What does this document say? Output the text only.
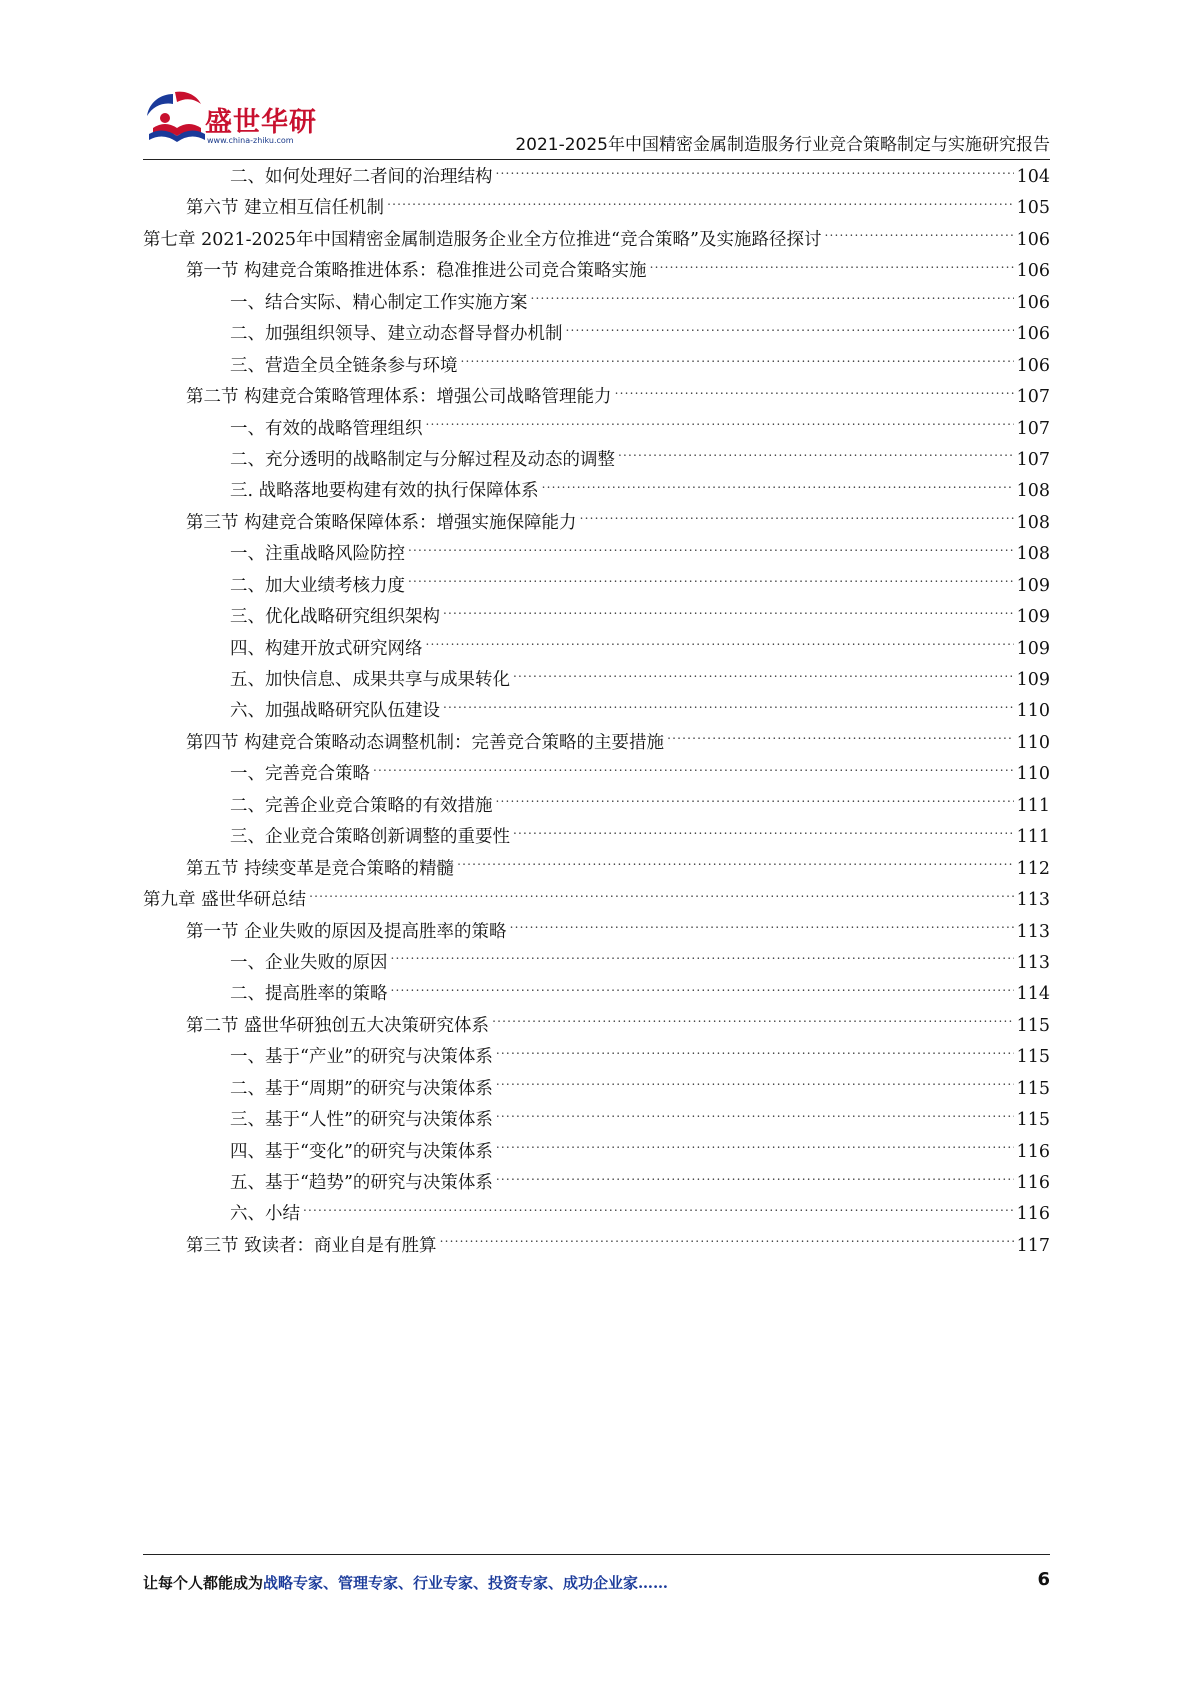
盛世华研
www.china-zhiku.com	2021-2025年中国精密金属制造服务行业竞合策略制定与实施研究报告
二、如何处理好二者间的治理结构 .....	104
第六节 建立相互信任机制 .....	105
第七章 2021-2025年中国精密金属制造服务企业全方位推进“竞合策略”及实施路径探讨 .....	106
第一节 构建竞合策略推进体系：稳准推进公司竞合策略实施 .....	106
一、结合实际、精心制定工作实施方案 .....	106
二、加强组织领导、建立动态督导督办机制 .....	106
三、营造全员全链条参与环境 .....	106
第二节 构建竞合策略管理体系：增强公司战略管理能力 .....	107
一、有效的战略管理组织 .....	107
二、充分透明的战略制定与分解过程及动态的调整 .....	107
三. 战略落地要构建有效的执行保障体系 .....	108
第三节 构建竞合策略保障体系：增强实施保障能力 .....	108
一、注重战略风险防控 .....	108
二、加大业绩考核力度 .....	109
三、优化战略研究组织架构 .....	109
四、构建开放式研究网络 .....	109
五、加快信息、成果共享与成果转化 .....	109
六、加强战略研究队伍建设 .....	110
第四节 构建竞合策略动态调整机制：完善竞合策略的主要措施 .....	110
一、完善竞合策略 .....	110
二、完善企业竞合策略的有效措施 .....	111
三、企业竞合策略创新调整的重要性 .....	111
第五节 持续变革是竞合策略的精髓 .....	112
第九章 盛世华研总结 .....	113
第一节 企业失败的原因及提高胜率的策略 .....	113
一、企业失败的原因 .....	113
二、提高胜率的策略 .....	114
第二节 盛世华研独创五大决策研究体系 .....	115
一、基于“产业”的研究与决策体系 .....	115
二、基于“周期”的研究与决策体系 .....	115
三、基于“人性”的研究与决策体系 .....	115
四、基于“变化”的研究与决策体系 .....	116
五、基于“趋势”的研究与决策体系 .....	116
六、小结 .....	116
第三节 致读者：商业自是有胜算 .....	117
让每个人都能成为战略专家、管理专家、行业专家、投资专家、成功企业家……	6
